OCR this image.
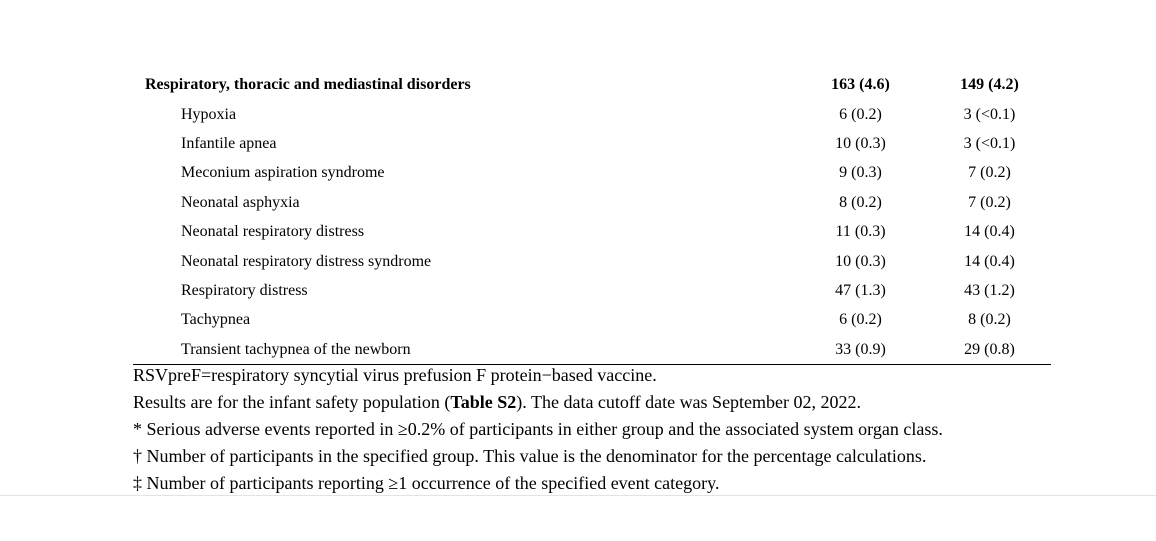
Respiratory, thoracic and mediastinal disorders	163 (4.6)	149 (4.2)
Hypoxia	6 (0.2)	3 (<0.1)
Infantile apnea	10 (0.3)	3 (<0.1)
Meconium aspiration syndrome	9 (0.3)	7 (0.2)
Neonatal asphyxia	8 (0.2)	7 (0.2)
Neonatal respiratory distress	11 (0.3)	14 (0.4)
Neonatal respiratory distress syndrome	10 (0.3)	14 (0.4)
Respiratory distress	47 (1.3)	43 (1.2)
Tachypnea	6 (0.2)	8 (0.2)
Transient tachypnea of the newborn	33 (0.9)	29 (0.8)
RSVpreF=respiratory syncytial virus prefusion F protein−based vaccine.
Results are for the infant safety population (Table S2). The data cutoff date was September 02, 2022.
* Serious adverse events reported in ≥0.2% of participants in either group and the associated system organ class.
† Number of participants in the specified group. This value is the denominator for the percentage calculations.
‡ Number of participants reporting ≥1 occurrence of the specified event category.
